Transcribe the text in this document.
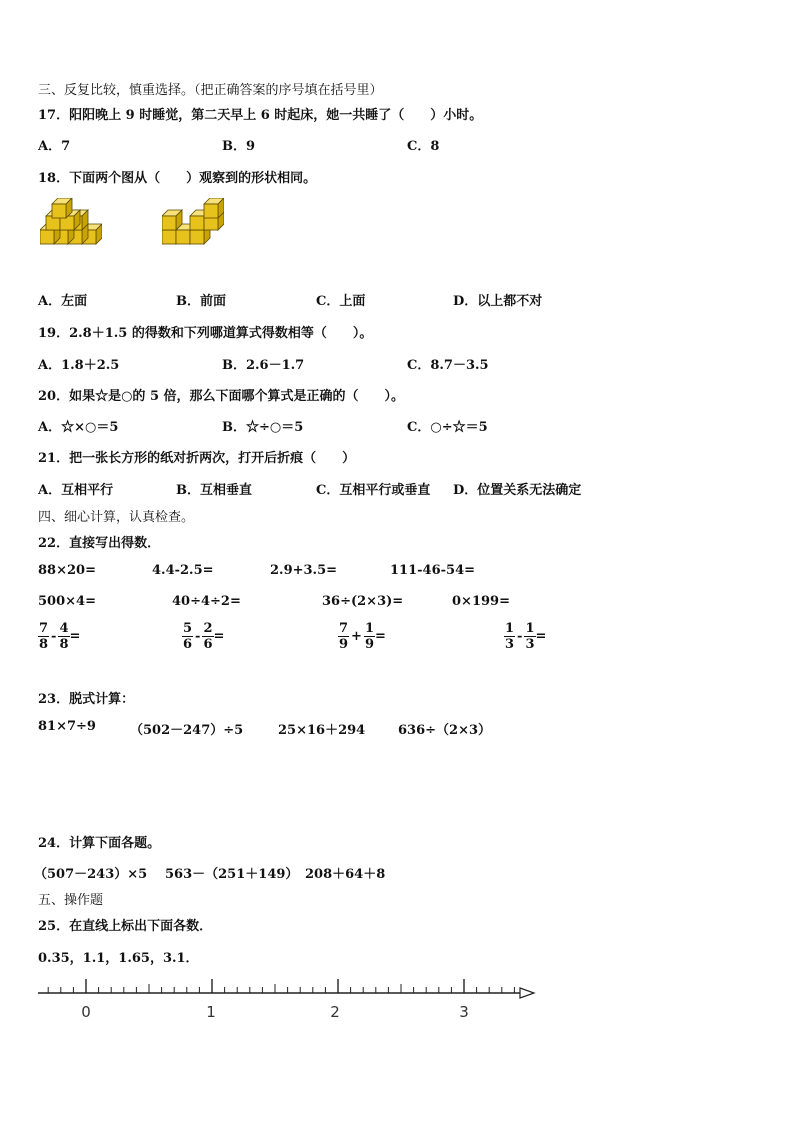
三、反复比较，慎重选择。（把正确答案的序号填在括号里）
17．阳阳晚上 9 时睡觉，第二天早上 6 时起床，她一共睡了（　　）小时。
A．7	B．9	C．8
18．下面两个图从（　　）观察到的形状相同。
A．左面	B．前面	C．上面	D．以上都不对
19．2.8＋1.5 的得数和下列哪道算式得数相等（　　）。
A．1.8＋2.5	B．2.6－1.7	C．8.7－3.5
20．如果☆是○的 5 倍，那么下面哪个算式是正确的（　　）。
A．☆×○＝5	B．☆÷○＝5	C．○÷☆＝5
21．把一张长方形的纸对折两次，打开后折痕（　　）
A．互相平行	B．互相垂直	C．互相平行或垂直 D．位置关系无法确定
四、细心计算，认真检查。
22．直接写出得数．
88×20=	4.4-2.5=	2.9+3.5=	111-46-54=
500×4=	40÷4÷2=	36÷(2×3)=	0×199=
$\frac{7}{8} - \frac{4}{8}$ =	$\frac{5}{6} - \frac{2}{6}$ =	$\frac{7}{9} + \frac{1}{9}$ =	$\frac{1}{3} - \frac{1}{3}$ =
23．脱式计算：
81×7÷9	（502－247）÷5	25×16＋294	636÷（2×3）
24．计算下面各题。
（507－243）×5 563－（251＋149） 208＋64＋8
五、操作题
25．在直线上标出下面各数．
0.35，1.1，1.65，3.1．
0	1	2	3
